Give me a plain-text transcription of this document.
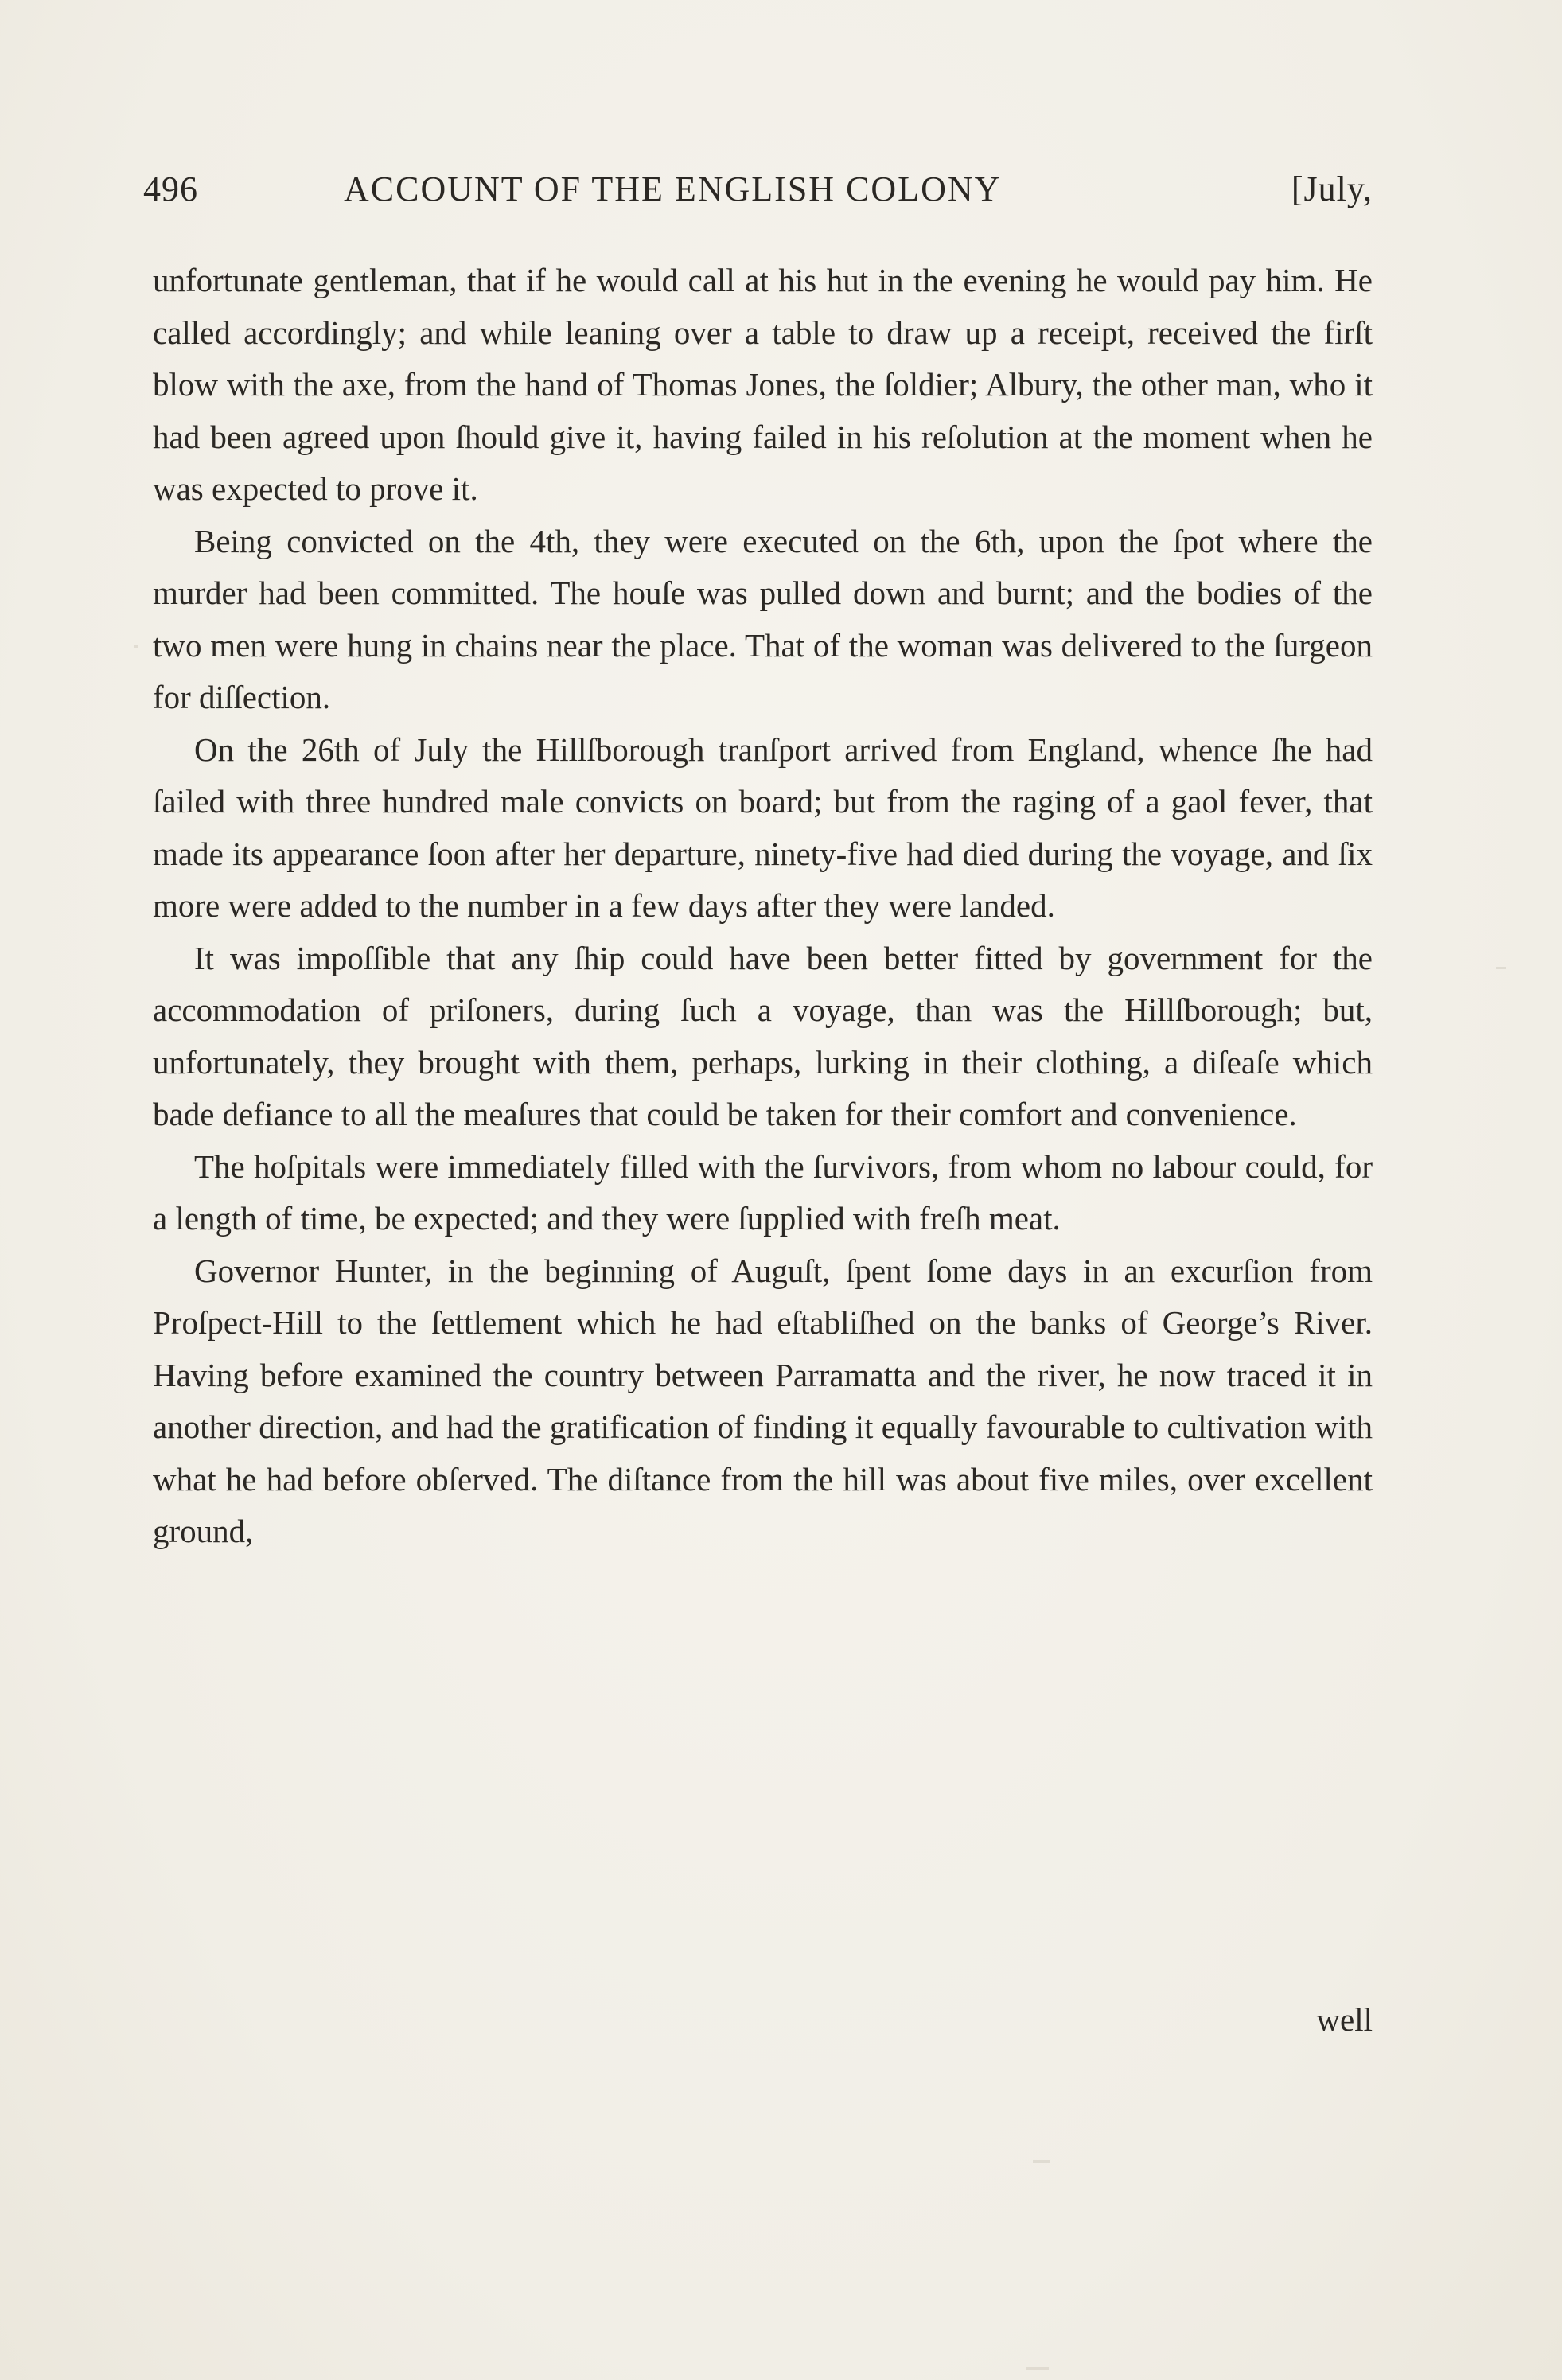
496	ACCOUNT OF THE ENGLISH COLONY	[July,

unfortunate gentleman, that if he would call at his hut in the evening he would pay him. He called accordingly; and while leaning over a table to draw up a receipt, received the firſt blow with the axe, from the hand of Thomas Jones, the ſoldier; Albury, the other man, who it had been agreed upon ſhould give it, having failed in his reſolution at the moment when he was expected to prove it.

Being convicted on the 4th, they were executed on the 6th, upon the ſpot where the murder had been committed. The houſe was pulled down and burnt; and the bodies of the two men were hung in chains near the place. That of the woman was delivered to the ſurgeon for diſſection.

On the 26th of July the Hillſborough tranſport arrived from England, whence ſhe had ſailed with three hundred male convicts on board; but from the raging of a gaol fever, that made its appearance ſoon after her departure, ninety-five had died during the voyage, and ſix more were added to the number in a few days after they were landed.

It was impoſſible that any ſhip could have been better fitted by government for the accommodation of priſoners, during ſuch a voyage, than was the Hillſborough; but, unfortunately, they brought with them, perhaps, lurking in their clothing, a diſeaſe which bade defiance to all the meaſures that could be taken for their comfort and convenience.

The hoſpitals were immediately filled with the ſurvivors, from whom no labour could, for a length of time, be expected; and they were ſupplied with freſh meat.

Governor Hunter, in the beginning of Auguſt, ſpent ſome days in an excurſion from Proſpect-Hill to the ſettlement which he had eſtabliſhed on the banks of George’s River. Having before examined the country between Parramatta and the river, he now traced it in another direction, and had the gratification of finding it equally favourable to cultivation with what he had before obſerved. The diſtance from the hill was about five miles, over excellent ground,

well
